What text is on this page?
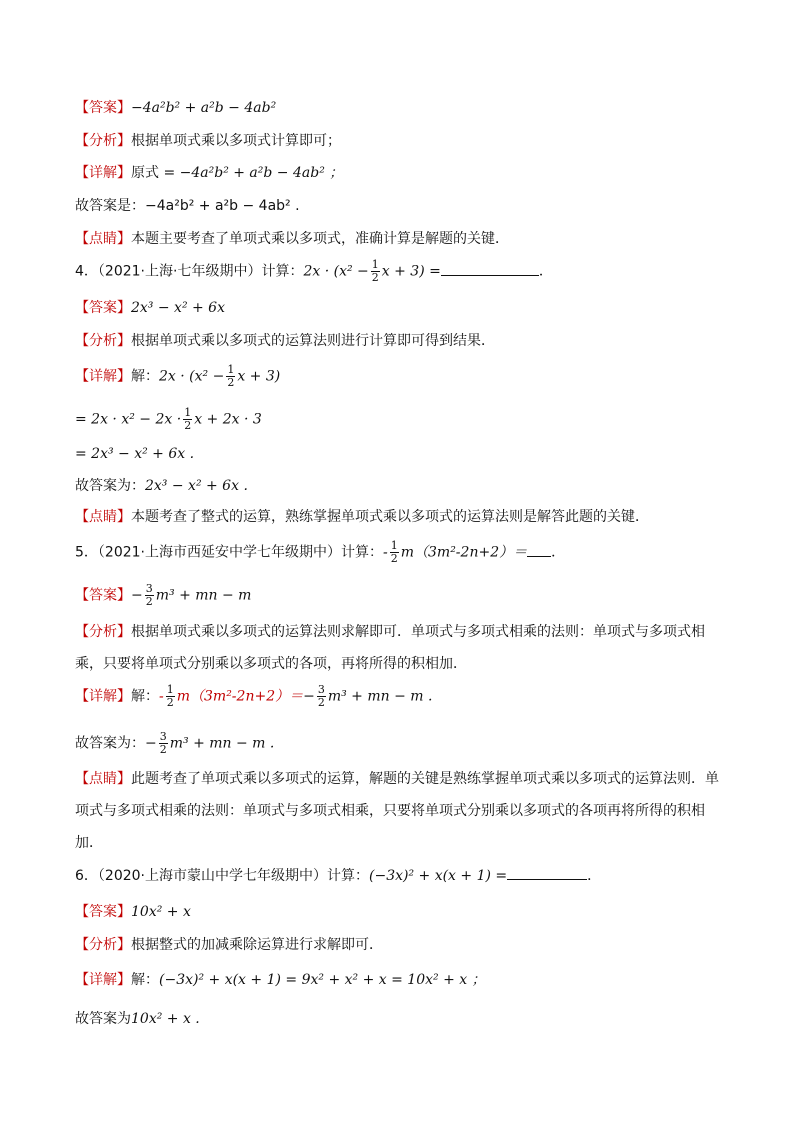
【答案】−4a²b² + a²b − 4ab²
【分析】根据单项式乘以多项式计算即可；
【详解】原式 = −4a²b² + a²b − 4ab² ；
故答案是：−4a²b² + a²b − 4ab² .
【点睛】本题主要考查了单项式乘以多项式，准确计算是解题的关键．
4．（2021·上海·七年级期中）计算：$2x \cdot (x^2 - \frac{1}{2}$ x + 3) =	．
【答案】2x³ − x² + 6x
【分析】根据单项式乘以多项式的运算法则进行计算即可得到结果．
【详解】解：$2x \cdot (x^2 - \frac{1}{2}$ x + 3)
= $2x \cdot x^2 - 2x \cdot \frac{1}{2}$ x + 2x · 3
= 2x³ − x² + 6x .
故答案为：2x³ − x² + 6x .
【点睛】本题考查了整式的运算，熟练掌握单项式乘以多项式的运算法则是解答此题的关键．
5．（2021·上海市西延安中学七年级期中）计算：- $\frac{1}{2} m(3m^2-2n+2)=$ ．
【答案】− $\frac{3}{2} m^3$ + mn − m
【分析】根据单项式乘以多项式的运算法则求解即可．单项式与多项式相乘的法则：单项式与多项式相乘，只要将单项式分别乘以多项式的各项，再将所得的积相加．
【详解】解：- $\frac{1}{2} m(3m^2-2n+2)=- \frac{3}{2} m^3$ + mn − m .
故答案为：− $\frac{3}{2} m^3$ + mn − m .
【点睛】此题考查了单项式乘以多项式的运算，解题的关键是熟练掌握单项式乘以多项式的运算法则．单项式与多项式相乘的法则：单项式与多项式相乘，只要将单项式分别乘以多项式的各项再将所得的积相加．
6．（2020·上海市蒙山中学七年级期中）计算：(−3x)² + x(x + 1) =	．
【答案】10x² + x
【分析】根据整式的加减乘除运算进行求解即可．
【详解】解：(−3x)² + x(x + 1) = 9x² + x² + x = 10x² + x ；
故答案为10x² + x .
